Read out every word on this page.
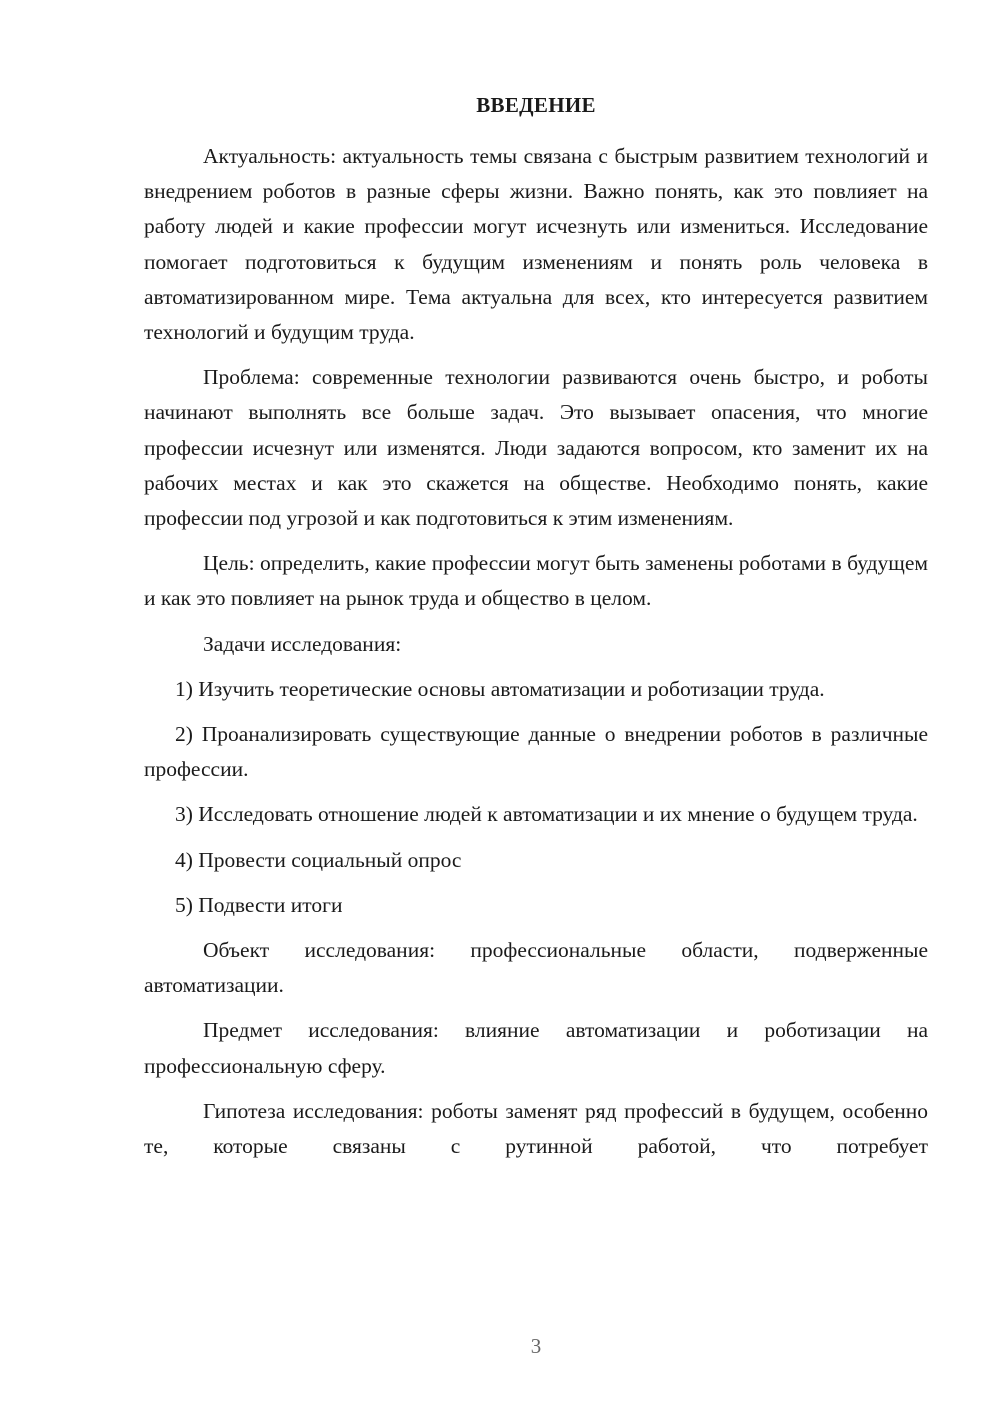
ВВЕДЕНИЕ

Актуальность: актуальность темы связана с быстрым развитием технологий и внедрением роботов в разные сферы жизни. Важно понять, как это повлияет на работу людей и какие профессии могут исчезнуть или измениться. Исследование помогает подготовиться к будущим изменениям и понять роль человека в автоматизированном мире. Тема актуальна для всех, кто интересуется развитием технологий и будущим труда.

Проблема: современные технологии развиваются очень быстро, и роботы начинают выполнять все больше задач. Это вызывает опасения, что многие профессии исчезнут или изменятся. Люди задаются вопросом, кто заменит их на рабочих местах и как это скажется на обществе. Необходимо понять, какие профессии под угрозой и как подготовиться к этим изменениям.

Цель: определить, какие профессии могут быть заменены роботами в будущем и как это повлияет на рынок труда и общество в целом.

Задачи исследования:

1) Изучить теоретические основы автоматизации и роботизации труда.

2) Проанализировать существующие данные о внедрении роботов в различные профессии.

3) Исследовать отношение людей к автоматизации и их мнение о будущем труда.

4) Провести социальный опрос

5) Подвести итоги

Объект исследования: профессиональные области, подверженные автоматизации.

Предмет исследования: влияние автоматизации и роботизации на профессиональную сферу.

Гипотеза исследования: роботы заменят ряд профессий в будущем, особенно те, которые связаны с рутинной работой, что потребует

3
